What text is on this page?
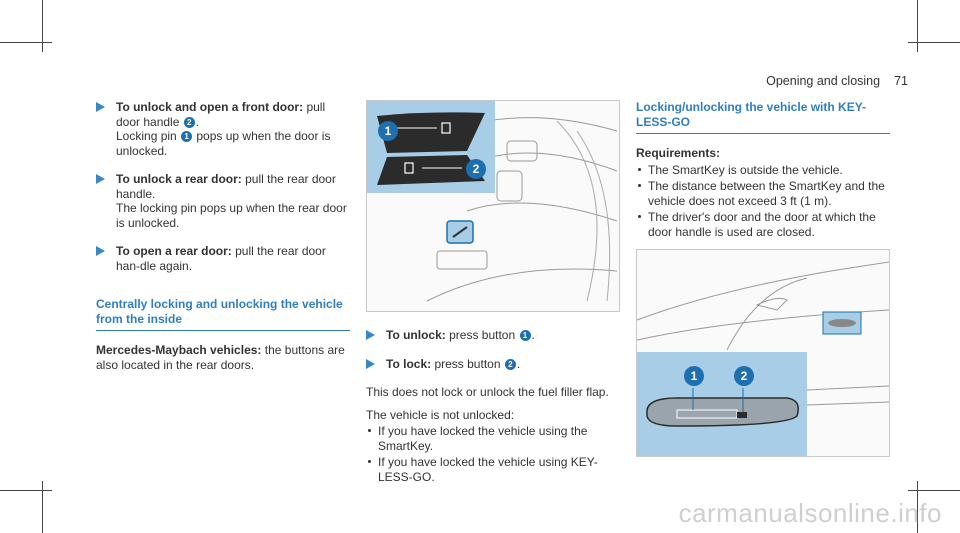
Opening and closing 71
To unlock and open a front door: pull door handle 2 .
Locking pin 1 pops up when the door is unlocked.
To unlock a rear door: pull the rear door handle.
The locking pin pops up when the rear door is unlocked.
To open a rear door: pull the rear door han-dle again.
Centrally locking and unlocking the vehicle from the inside
Mercedes-Maybach vehicles: the buttons are also located in the rear doors.
1
2
To unlock: press button 1 .
To lock: press button 2 .
This does not lock or unlock the fuel filler flap.
The vehicle is not unlocked:
If you have locked the vehicle using the SmartKey.
If you have locked the vehicle using KEY-LESS-GO.
Locking/unlocking the vehicle with KEY-LESS-GO
Requirements:
The SmartKey is outside the vehicle.
The distance between the SmartKey and the vehicle does not exceed 3 ft (1 m).
The driver's door and the door at which the door handle is used are closed.
1	2
carmanualsonline.info
